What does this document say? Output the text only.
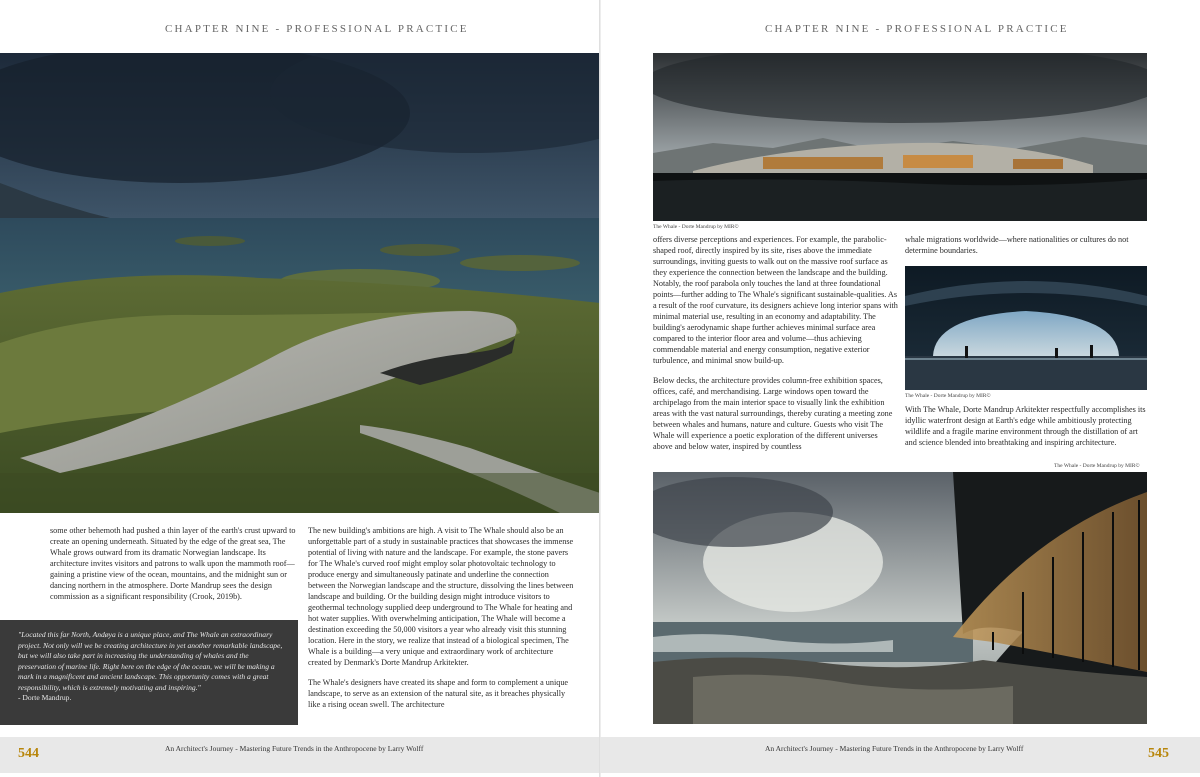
CHAPTER NINE - PROFESSIONAL PRACTICE

some other behemoth had pushed a thin layer of the earth's crust upward to create an opening underneath. Situated by the edge of the great sea, The Whale grows outward from its dramatic Norwegian landscape. Its architecture invites visitors and patrons to walk upon the mammoth roof—gaining a pristine view of the ocean, mountains, and the midnight sun or dancing northern in the atmosphere. Dorte Mandrup sees the design commission as a significant responsibility (Crook, 2019b).

"Located this far North, Andøya is a unique place, and The Whale an extraordinary project. Not only will we be creating architecture in yet another remarkable landscape, but we will also take part in increasing the understanding of whales and the preservation of marine life. Right here on the edge of the ocean, we will be making a mark in a magnificent and ancient landscape. This opportunity comes with a great responsibility, which is extremely motivating and inspiring."
- Dorte Mandrup.

The new building's ambitions are high. A visit to The Whale should also be an unforgettable part of a study in sustainable practices that showcases the immense potential of living with nature and the landscape. For example, the stone pavers for The Whale's curved roof might employ solar photovoltaic technology to produce energy and simultaneously patinate and underline the connection between the Norwegian landscape and the structure, dissolving the lines between landscape and building. Or the building design might introduce visitors to geothermal technology supplied deep underground to The Whale for heating and hot water supplies. With overwhelming anticipation, The Whale will become a destination exceeding the 50,000 visitors a year who already visit this stunning location. Here in the story, we realize that instead of a biological specimen, The Whale is a building—a very unique and extraordinary work of architecture created by Denmark's Dorte Mandrup Arkitekter.

The Whale's designers have created its shape and form to complement a unique landscape, to serve as an extension of the natural site, as it breaches physically like a rising ocean swell. The architecture

544	An Architect's Journey - Mastering Future Trends in the Anthropocene by Larry Wolff
CHAPTER NINE - PROFESSIONAL PRACTICE
The Whale - Dorte Mandrup by MIR©

offers diverse perceptions and experiences. For example, the parabolic-shaped roof, directly inspired by its site, rises above the immediate surroundings, inviting guests to walk out on the massive roof surface as they experience the connection between the landscape and the building. Notably, the roof parabola only touches the land at three foundational points—further adding to The Whale's significant sustainable-qualities. As a result of the roof curvature, its designers achieve long interior spans with minimal material use, resulting in an economy and adaptability. The building's aerodynamic shape further achieves minimal surface area compared to the interior floor area and volume—thus achieving commendable material and energy consumption, negative exterior turbulence, and minimal snow build-up.

Below decks, the architecture provides column-free exhibition spaces, offices, café, and merchandising. Large windows open toward the archipelago from the main interior space to visually link the exhibition areas with the vast natural surroundings, thereby curating a meeting zone between whales and humans, nature and culture. Guests who visit The Whale will experience a poetic exploration of the different universes above and below water, inspired by countless

whale migrations worldwide—where nationalities or cultures do not determine boundaries.

The Whale - Dorte Mandrup by MIR©

With The Whale, Dorte Mandrup Arkitekter respectfully accomplishes its idyllic waterfront design at Earth's edge while ambitiously protecting wildlife and a fragile marine environment through the distillation of art and science blended into breathtaking and inspiring architecture.

The Whale - Dorte Mandrup by MIR©
An Architect's Journey - Mastering Future Trends in the Anthropocene by Larry Wolff	545
